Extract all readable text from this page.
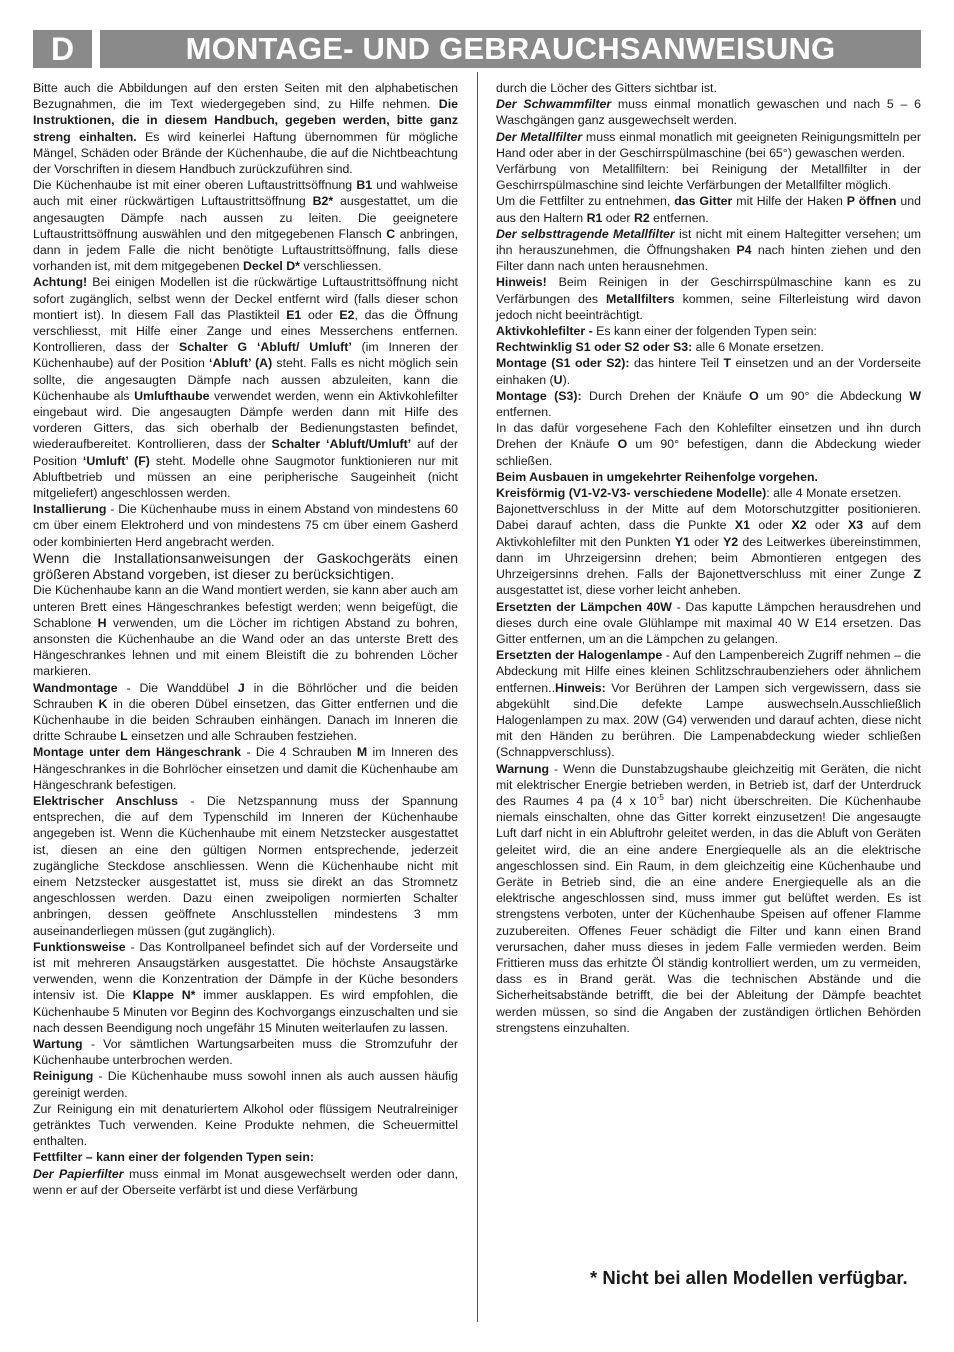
D	MONTAGE- UND GEBRAUCHSANWEISUNG

Bitte auch die Abbildungen auf den ersten Seiten mit den alphabetischen Bezugnahmen, die im Text wiedergegeben sind, zu Hilfe nehmen. Die Instruktionen, die in diesem Handbuch, gegeben werden, bitte ganz streng einhalten. Es wird keinerlei Haftung übernommen für mögliche Mängel, Schäden oder Brände der Küchenhaube, die auf die Nichtbeachtung der Vorschriften in diesem Handbuch zurückzuführen sind.

Die Küchenhaube ist mit einer oberen Luftaustrittsöffnung B1 und wahlweise auch mit einer rückwärtigen Luftaustrittsöffnung B2* ausgestattet, um die angesaugten Dämpfe nach aussen zu leiten. Die geeignetere Luftaustrittsöffnung auswählen und den mitgegebenen Flansch C anbringen, dann in jedem Falle die nicht benötigte Luftaustrittsöffnung, falls diese vorhanden ist, mit dem mitgegebenen Deckel D* verschliessen.

Achtung! Bei einigen Modellen ist die rückwärtige Luftaustrittsöffnung nicht sofort zugänglich, selbst wenn der Deckel entfernt wird (falls dieser schon montiert ist). In diesem Fall das Plastikteil E1 oder E2, das die Öffnung verschliesst, mit Hilfe einer Zange und eines Messerchens entfernen. Kontrollieren, dass der Schalter G ‘Abluft/ Umluft’ (im Inneren der Küchenhaube) auf der Position ‘Abluft’ (A) steht. Falls es nicht möglich sein sollte, die angesaugten Dämpfe nach aussen abzuleiten, kann die Küchenhaube als Umlufthaube verwendet werden, wenn ein Aktivkohlefilter eingebaut wird. Die angesaugten Dämpfe werden dann mit Hilfe des vorderen Gitters, das sich oberhalb der Bedienungstasten befindet, wiederaufbereitet. Kontrollieren, dass der Schalter ‘Abluft/Umluft’ auf der Position ‘Umluft’ (F) steht. Modelle ohne Saugmotor funktionieren nur mit Abluftbetrieb und müssen an eine peripherische Saugeinheit (nicht mitgeliefert) angeschlossen werden.

Installierung - Die Küchenhaube muss in einem Abstand von mindestens 60 cm über einem Elektroherd und von mindestens 75 cm über einem Gasherd oder kombinierten Herd angebracht werden.

Wenn die Installationsanweisungen der Gaskochgeräts einen größeren Abstand vorgeben, ist dieser zu berücksichtigen.

Die Küchenhaube kann an die Wand montiert werden, sie kann aber auch am unteren Brett eines Hängeschrankes befestigt werden; wenn beigefügt, die Schablone H verwenden, um die Löcher im richtigen Abstand zu bohren, ansonsten die Küchenhaube an die Wand oder an das unterste Brett des Hängeschrankes lehnen und mit einem Bleistift die zu bohrenden Löcher markieren.

Wandmontage - Die Wanddübel J in die Böhrlöcher und die beiden Schrauben K in die oberen Dübel einsetzen, das Gitter entfernen und die Küchenhaube in die beiden Schrauben einhängen. Danach im Inneren die dritte Schraube L einsetzen und alle Schrauben festziehen.

Montage unter dem Hängeschrank - Die 4 Schrauben M im Inneren des Hängeschrankes in die Bohrlöcher einsetzen und damit die Küchenhaube am Hängeschrank befestigen.

Elektrischer Anschluss - Die Netzspannung muss der Spannung entsprechen, die auf dem Typenschild im Inneren der Küchenhaube angegeben ist. Wenn die Küchenhaube mit einem Netzstecker ausgestattet ist, diesen an eine den gültigen Normen entsprechende, jederzeit zugängliche Steckdose anschliessen. Wenn die Küchenhaube nicht mit einem Netzstecker ausgestattet ist, muss sie direkt an das Stromnetz angeschlossen werden. Dazu einen zweipoligen normierten Schalter anbringen, dessen geöffnete Anschlusstellen mindestens 3 mm auseinanderliegen müssen (gut zugänglich).

Funktionsweise - Das Kontrollpaneel befindet sich auf der Vorderseite und ist mit mehreren Ansaugstärken ausgestattet. Die höchste Ansaugstärke verwenden, wenn die Konzentration der Dämpfe in der Küche besonders intensiv ist. Die Klappe N* immer ausklappen. Es wird empfohlen, die Küchenhaube 5 Minuten vor Beginn des Kochvorgangs einzuschalten und sie nach dessen Beendigung noch ungefähr 15 Minuten weiterlaufen zu lassen.

Wartung - Vor sämtlichen Wartungsarbeiten muss die Stromzufuhr der Küchenhaube unterbrochen werden.

Reinigung - Die Küchenhaube muss sowohl innen als auch aussen häufig gereinigt werden.

Zur Reinigung ein mit denaturiertem Alkohol oder flüssigem Neutralreiniger getränktes Tuch verwenden. Keine Produkte nehmen, die Scheuermittel enthalten.

Fettfilter – kann einer der folgenden Typen sein:

Der Papierfilter muss einmal im Monat ausgewechselt werden oder dann, wenn er auf der Oberseite verfärbt ist und diese Verfärbung

durch die Löcher des Gitters sichtbar ist.

Der Schwammfilter muss einmal monatlich gewaschen und nach 5 – 6 Waschgängen ganz ausgewechselt werden.

Der Metallfilter muss einmal monatlich mit geeigneten Reinigungsmitteln per Hand oder aber in der Geschirrspülmaschine (bei 65°) gewaschen werden.

Verfärbung von Metallfiltern: bei Reinigung der Metallfilter in der Geschirrspülmaschine sind leichte Verfärbungen der Metallfilter möglich.

Um die Fettfilter zu entnehmen, das Gitter mit Hilfe der Haken P öffnen und aus den Haltern R1 oder R2 entfernen.

Der selbsttragende Metallfilter ist nicht mit einem Haltegitter versehen; um ihn herauszunehmen, die Öffnungshaken P4 nach hinten ziehen und den Filter dann nach unten herausnehmen.

Hinweis! Beim Reinigen in der Geschirrspülmaschine kann es zu Verfärbungen des Metallfilters kommen, seine Filterleistung wird davon jedoch nicht beeinträchtigt.

Aktivkohlefilter - Es kann einer der folgenden Typen sein:

Rechtwinklig S1 oder S2 oder S3: alle 6 Monate ersetzen.

Montage (S1 oder S2): das hintere Teil T einsetzen und an der Vorderseite einhaken (U).

Montage (S3): Durch Drehen der Knäufe O um 90° die Abdeckung W entfernen.

In das dafür vorgesehene Fach den Kohlefilter einsetzen und ihn durch Drehen der Knäufe O um 90° befestigen, dann die Abdeckung wieder schließen.

Beim Ausbauen in umgekehrter Reihenfolge vorgehen.

Kreisförmig (V1-V2-V3- verschiedene Modelle): alle 4 Monate ersetzen.

Bajonettverschluss in der Mitte auf dem Motorschutzgitter positionieren. Dabei darauf achten, dass die Punkte X1 oder X2 oder X3 auf dem Aktivkohlefilter mit den Punkten Y1 oder Y2 des Leitwerkes übereinstimmen, dann im Uhrzeigersinn drehen; beim Abmontieren entgegen des Uhrzeigersinns drehen. Falls der Bajonettverschluss mit einer Zunge Z ausgestattet ist, diese vorher leicht anheben.

Ersetzten der Lämpchen 40W - Das kaputte Lämpchen herausdrehen und dieses durch eine ovale Glühlampe mit maximal 40 W E14 ersetzen. Das Gitter entfernen, um an die Lämpchen zu gelangen.

Ersetzten der Halogenlampe - Auf den Lampenbereich Zugriff nehmen – die Abdeckung mit Hilfe eines kleinen Schlitzschraubenziehers oder ähnlichem entfernen..Hinweis: Vor Berühren der Lampen sich vergewissern, dass sie abgekühlt sind.Die defekte Lampe auswechseln.Ausschließlich Halogenlampen zu max. 20W (G4) verwenden und darauf achten, diese nicht mit den Händen zu berühren. Die Lampenabdeckung wieder schließen (Schnappverschluss).

Warnung - Wenn die Dunstabzugshaube gleichzeitig mit Geräten, die nicht mit elektrischer Energie betrieben werden, in Betrieb ist, darf der Unterdruck des Raumes 4 pa (4 x $10^{-5}$ bar) nicht überschreiten. Die Küchenhaube niemals einschalten, ohne das Gitter korrekt einzusetzen! Die angesaugte Luft darf nicht in ein Abluftrohr geleitet werden, in das die Abluft von Geräten geleitet wird, die an eine andere Energiequelle als an die elektrische angeschlossen sind. Ein Raum, in dem gleichzeitig eine Küchenhaube und Geräte in Betrieb sind, die an eine andere Energiequelle als an die elektrische angeschlossen sind, muss immer gut belüftet werden. Es ist strengstens verboten, unter der Küchenhaube Speisen auf offener Flamme zuzubereiten. Offenes Feuer schädigt die Filter und kann einen Brand verursachen, daher muss dieses in jedem Falle vermieden werden. Beim Frittieren muss das erhitzte Öl ständig kontrolliert werden, um zu vermeiden, dass es in Brand gerät. Was die technischen Abstände und die Sicherheitsabstände betrifft, die bei der Ableitung der Dämpfe beachtet werden müssen, so sind die Angaben der zuständigen örtlichen Behörden strengstens einzuhalten.

* Nicht bei allen Modellen verfügbar.
